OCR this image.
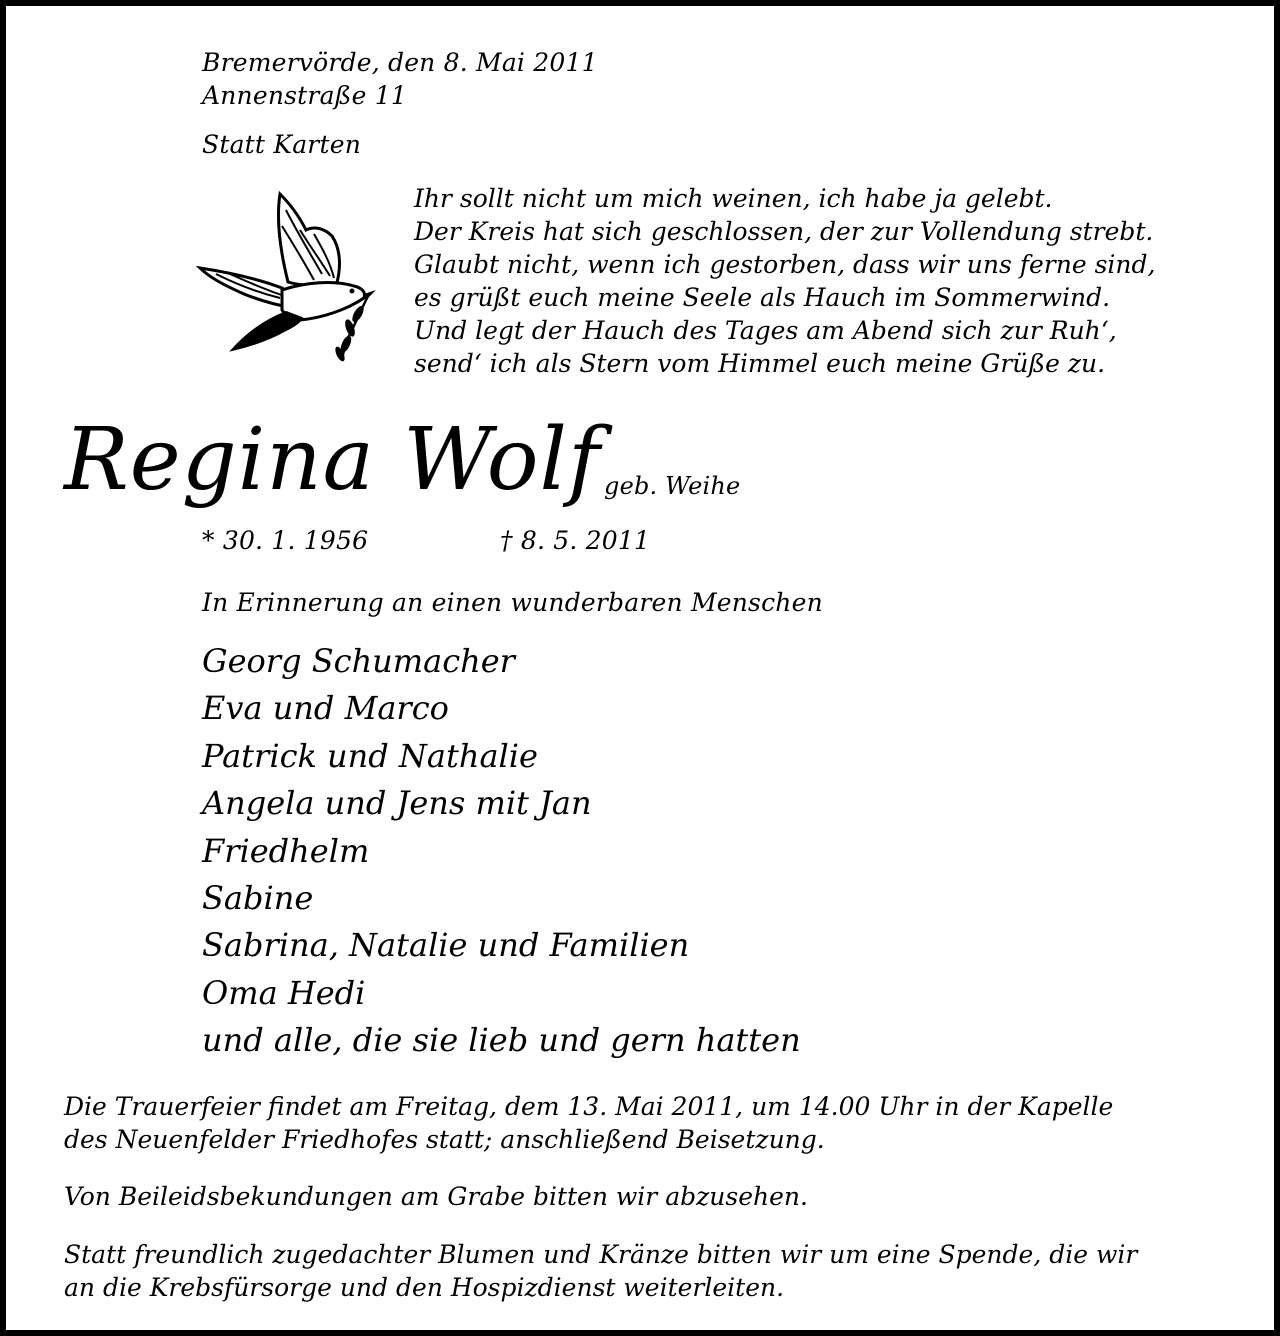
Bremervörde, den 8. Mai 2011
Annenstraße 11
Statt Karten
Ihr sollt nicht um mich weinen, ich habe ja gelebt.
Der Kreis hat sich geschlossen, der zur Vollendung strebt.
Glaubt nicht, wenn ich gestorben, dass wir uns ferne sind,
es grüßt euch meine Seele als Hauch im Sommerwind.
Und legt der Hauch des Tages am Abend sich zur Ruh‘,
send‘ ich als Stern vom Himmel euch meine Grüße zu.
Regina Wolf geb. Weihe
* 30. 1. 1956	† 8. 5. 2011
In Erinnerung an einen wunderbaren Menschen
Georg Schumacher
Eva und Marco
Patrick und Nathalie
Angela und Jens mit Jan
Friedhelm
Sabine
Sabrina, Natalie und Familien
Oma Hedi
und alle, die sie lieb und gern hatten
Die Trauerfeier findet am Freitag, dem 13. Mai 2011, um 14.00 Uhr in der Kapelle
des Neuenfelder Friedhofes statt; anschließend Beisetzung.
Von Beileidsbekundungen am Grabe bitten wir abzusehen.
Statt freundlich zugedachter Blumen und Kränze bitten wir um eine Spende, die wir
an die Krebsfürsorge und den Hospizdienst weiterleiten.
